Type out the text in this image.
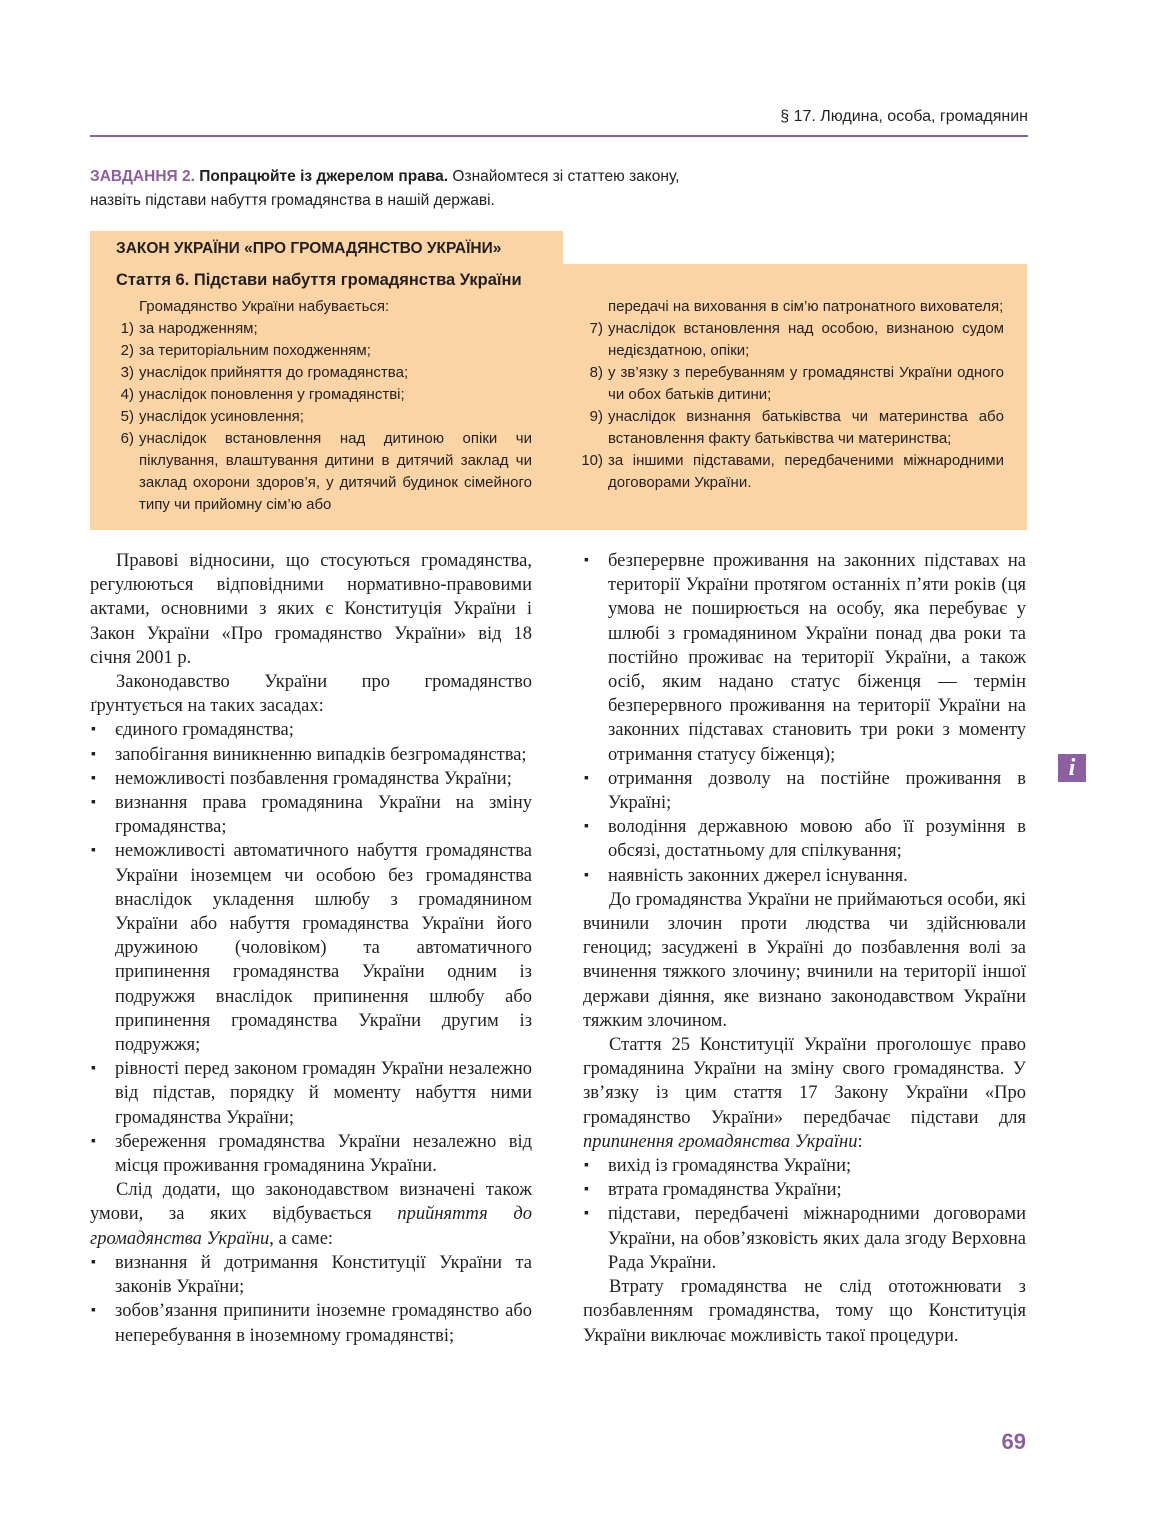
§ 17. Людина, особа, громадянин
ЗАВДАННЯ 2. Попрацюйте із джерелом права. Ознайомтеся зі статтею закону,
назвіть підстави набуття громадянства в нашій державі.
ЗАКОН УКРАЇНИ «ПРО ГРОМАДЯНСТВО УКРАЇНИ»
Стаття 6. Підстави набуття громадянства України
Громадянство України набувається:
1) за народженням;
2) за територіальним походженням;
3) унаслідок прийняття до громадянства;
4) унаслідок поновлення у громадянстві;
5) унаслідок усиновлення;
6) унаслідок встановлення над дитиною опіки чи піклування, влаштування дитини в дитячий заклад чи заклад охорони здоров’я, у дитячий будинок сімейного типу чи прийомну сім’ю або
передачі на виховання в сім’ю патронатного вихователя;
7) унаслідок встановлення над особою, визнаною судом недієздатною, опіки;
8) у зв’язку з перебуванням у громадянстві України одного чи обох батьків дитини;
9) унаслідок визнання батьківства чи материнства або встановлення факту батьківства чи материнства;
10) за іншими підставами, передбаченими міжнародними договорами України.

Правові відносини, що стосуються громадянства, регулюються відповідними нормативно-правовими актами, основними з яких є Конституція України і Закон України «Про громадянство України» від 18 січня 2001 р.

Законодавство України про громадянство ґрунтується на таких засадах:

▪ єдиного громадянства;
▪ запобігання виникненню випадків безгромадянства;
▪ неможливості позбавлення громадянства України;
▪ визнання права громадянина України на зміну громадянства;
▪ неможливості автоматичного набуття громадянства України іноземцем чи особою без громадянства внаслідок укладення шлюбу з громадянином України або набуття громадянства України його дружиною (чоловіком) та автоматичного припинення громадянства України одним із подружжя внаслідок припинення шлюбу або припинення громадянства України другим із подружжя;
▪ рівності перед законом громадян України незалежно від підстав, порядку й моменту набуття ними громадянства України;
▪ збереження громадянства України незалежно від місця проживання громадянина України.

Слід додати, що законодавством визначені також умови, за яких відбувається прийняття до громадянства України, а саме:

▪ визнання й дотримання Конституції України та законів України;
▪ зобов’язання припинити іноземне громадянство або неперебування в іноземному громадянстві;
▪ безперервне проживання на законних підставах на території України протягом останніх п’яти років (ця умова не поширюється на особу, яка перебуває у шлюбі з громадянином України понад два роки та постійно проживає на території України, а також осіб, яким надано статус біженця — термін безперервного проживання на території України на законних підставах становить три роки з моменту отримання статусу біженця);
▪ отримання дозволу на постійне проживання в Україні;
▪ володіння державною мовою або її розуміння в обсязі, достатньому для спілкування;
▪ наявність законних джерел існування.

До громадянства України не приймаються особи, які вчинили злочин проти людства чи здійснювали геноцид; засуджені в Україні до позбавлення волі за вчинення тяжкого злочину; вчинили на території іншої держави діяння, яке визнано законодавством України тяжким злочином.

Стаття 25 Конституції України проголошує право громадянина України на зміну свого громадянства. У зв’язку із цим стаття 17 Закону України «Про громадянство України» передбачає підстави для припинення громадянства України:

▪ вихід із громадянства України;
▪ втрата громадянства України;
▪ підстави, передбачені міжнародними договорами України, на обов’язковість яких дала згоду Верховна Рада України.

Втрату громадянства не слід ототожнювати з позбавленням громадянства, тому що Конституція України виключає можливість такої процедури.

i
69
